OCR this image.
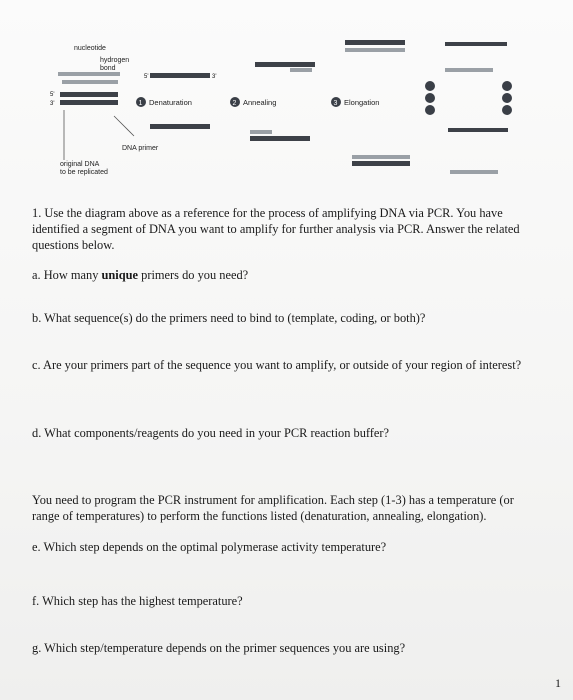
nucleotide
hydrogen
bond
5'
3'
original DNA
to be replicated
5'	3'
DNA primer
1 Denaturation	2 Annealing	3 Elongation
1. Use the diagram above as a reference for the process of amplifying DNA via PCR. You have identified a segment of DNA you want to amplify for further analysis via PCR. Answer the related questions below.
a. How many unique primers do you need?
b. What sequence(s) do the primers need to bind to (template, coding, or both)?
c. Are your primers part of the sequence you want to amplify, or outside of your region of interest?
d. What components/reagents do you need in your PCR reaction buffer?
You need to program the PCR instrument for amplification. Each step (1-3) has a temperature (or range of temperatures) to perform the functions listed (denaturation, annealing, elongation).
e. Which step depends on the optimal polymerase activity temperature?
f. Which step has the highest temperature?
g. Which step/temperature depends on the primer sequences you are using?
1
